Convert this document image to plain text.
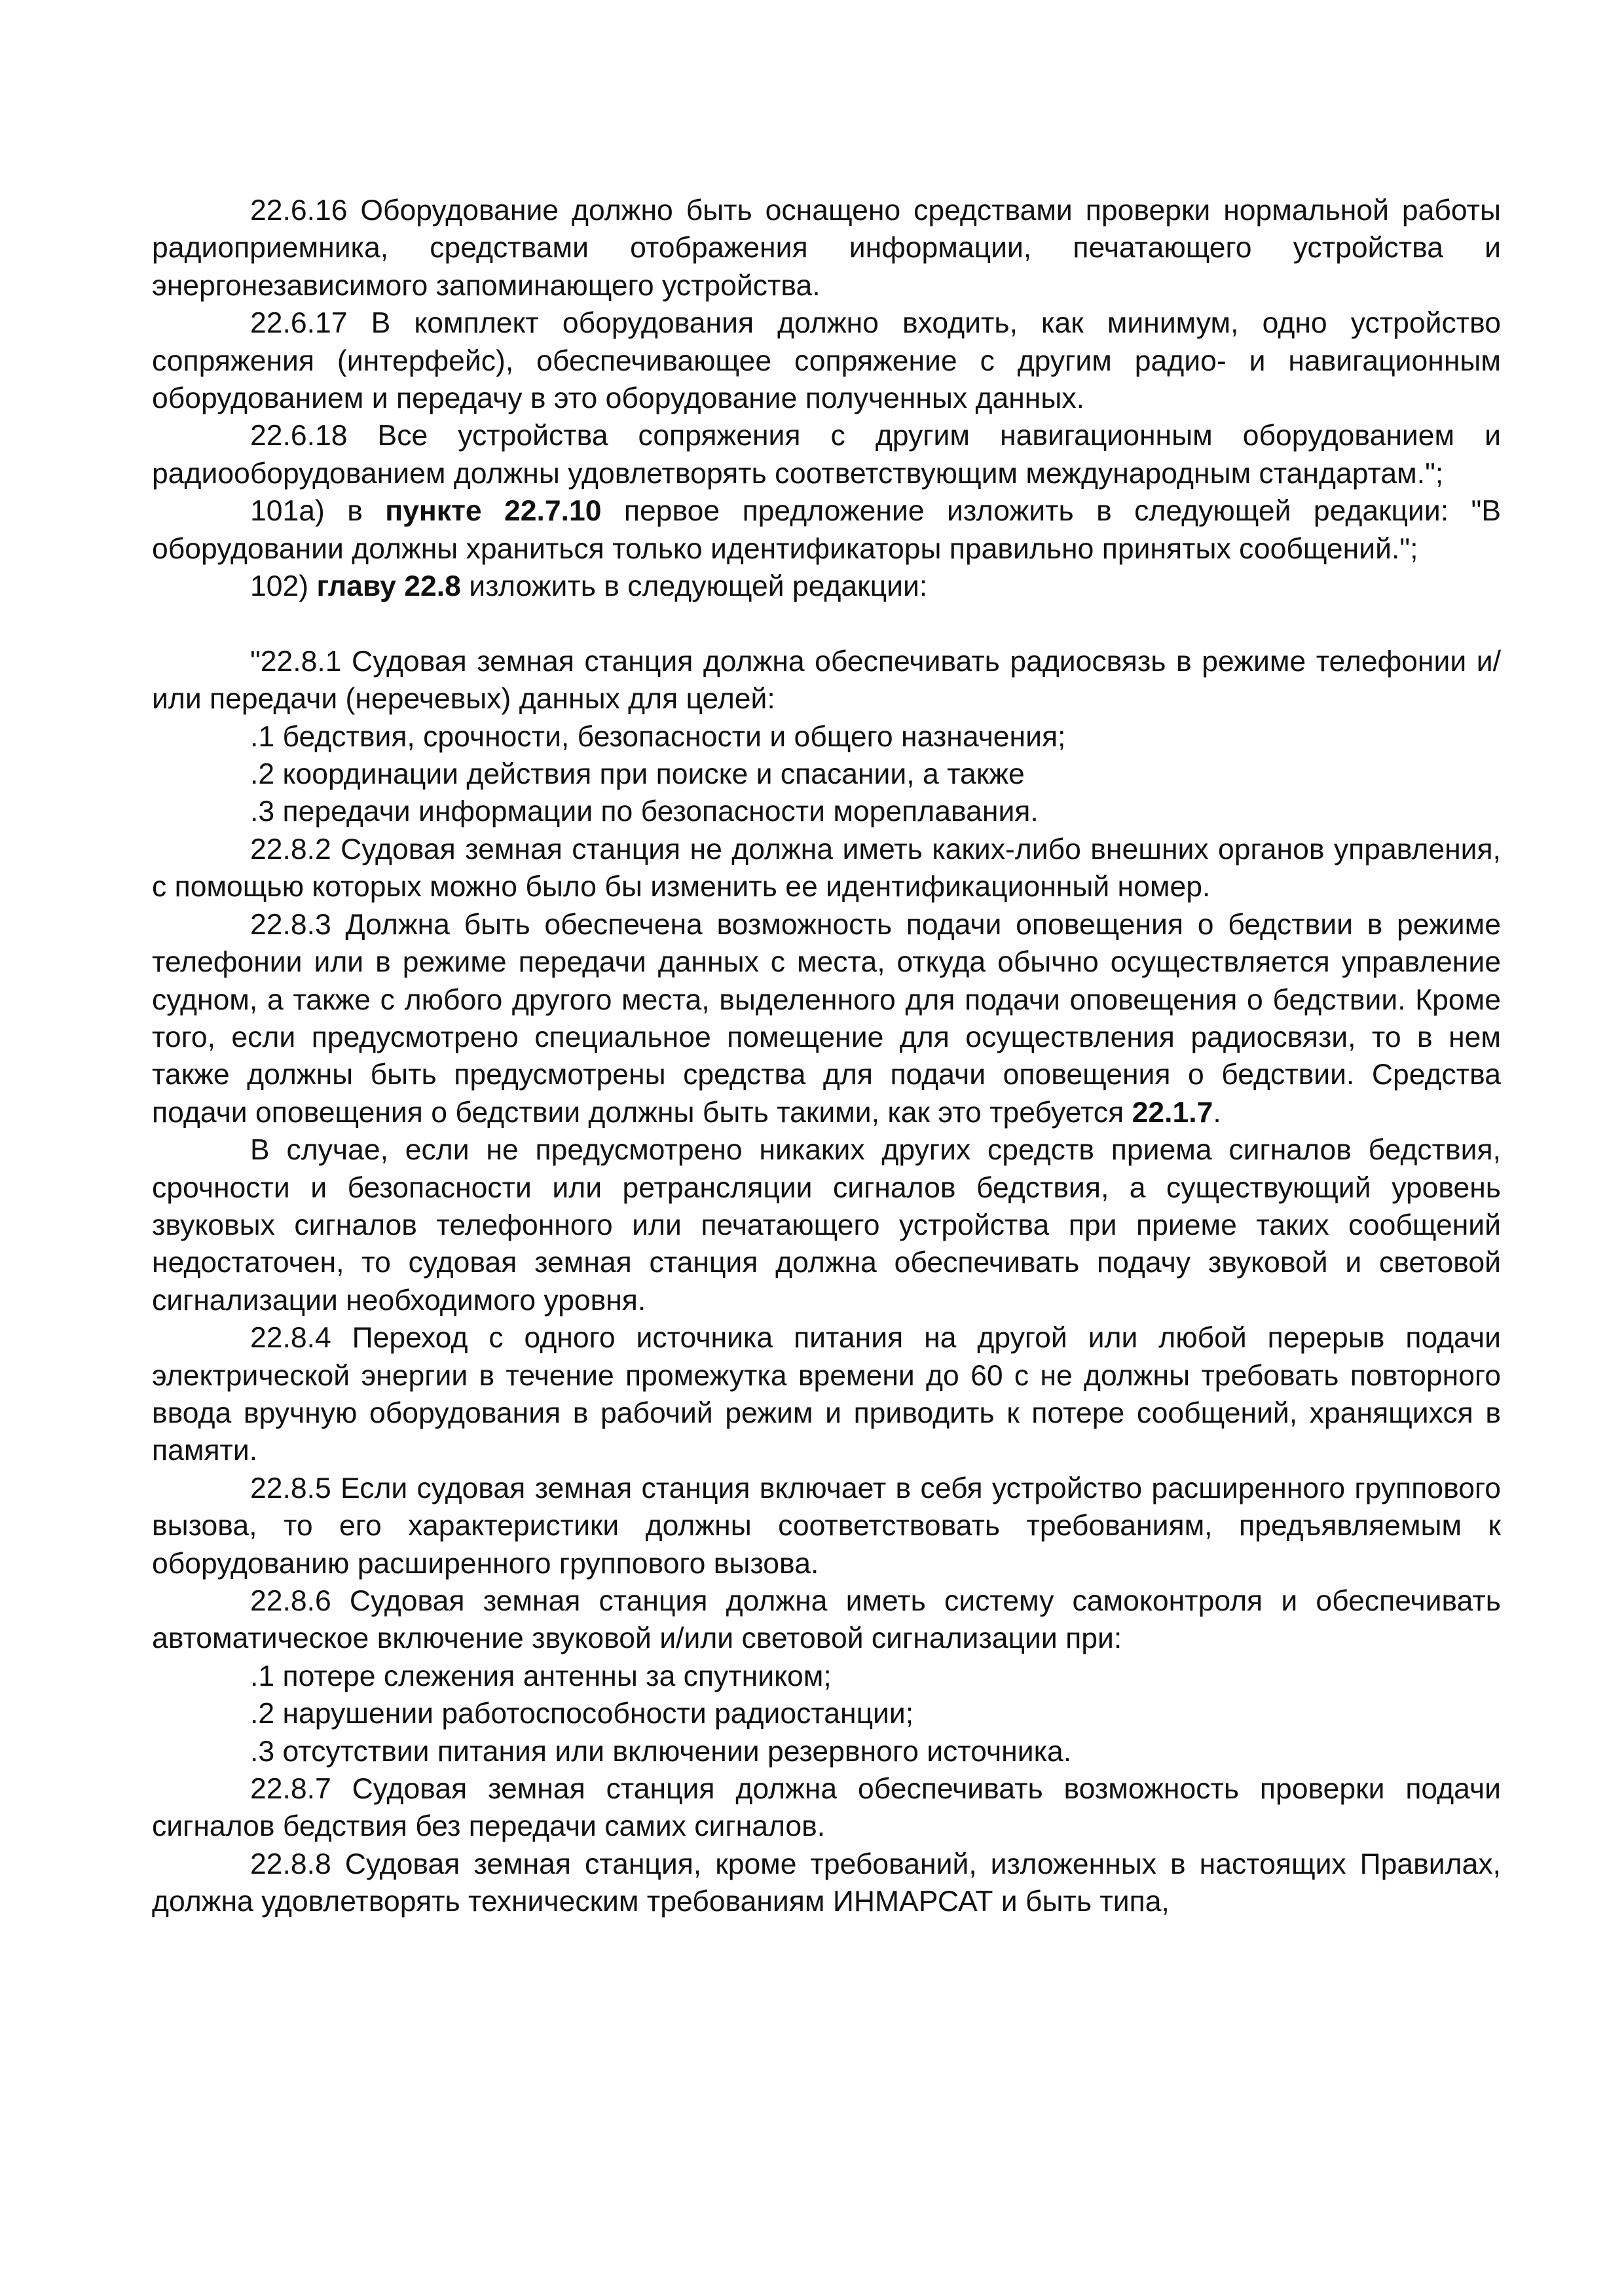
22.6.16 Оборудование должно быть оснащено средствами проверки нормальной работы радиоприемника, средствами отображения информации, печатающего устройства и энергонезависимого запоминающего устройства.

22.6.17 В комплект оборудования должно входить, как минимум, одно устройство сопряжения (интерфейс), обеспечивающее сопряжение с другим радио- и навигационным оборудованием и передачу в это оборудование полученных данных.

22.6.18 Все устройства сопряжения с другим навигационным оборудованием и радиооборудованием должны удовлетворять соответствующим международным стандартам.";

101а) в пункте 22.7.10 первое предложение изложить в следующей редакции: "В оборудовании должны храниться только идентификаторы правильно принятых сообщений.";

102) главу 22.8 изложить в следующей редакции:

"22.8.1 Судовая земная станция должна обеспечивать радиосвязь в режиме телефонии и/или передачи (неречевых) данных для целей:

.1 бедствия, срочности, безопасности и общего назначения;

.2 координации действия при поиске и спасании, а также

.3 передачи информации по безопасности мореплавания.

22.8.2 Судовая земная станция не должна иметь каких-либо внешних органов управления, с помощью которых можно было бы изменить ее идентификационный номер.

22.8.3 Должна быть обеспечена возможность подачи оповещения о бедствии в режиме телефонии или в режиме передачи данных с места, откуда обычно осуществляется управление судном, а также с любого другого места, выделенного для подачи оповещения о бедствии. Кроме того, если предусмотрено специальное помещение для осуществления радиосвязи, то в нем также должны быть предусмотрены средства для подачи оповещения о бедствии. Средства подачи оповещения о бедствии должны быть такими, как это требуется 22.1.7.

В случае, если не предусмотрено никаких других средств приема сигналов бедствия, срочности и безопасности или ретрансляции сигналов бедствия, а существующий уровень звуковых сигналов телефонного или печатающего устройства при приеме таких сообщений недостаточен, то судовая земная станция должна обеспечивать подачу звуковой и световой сигнализации необходимого уровня.

22.8.4 Переход с одного источника питания на другой или любой перерыв подачи электрической энергии в течение промежутка времени до 60 с не должны требовать повторного ввода вручную оборудования в рабочий режим и приводить к потере сообщений, хранящихся в памяти.

22.8.5 Если судовая земная станция включает в себя устройство расширенного группового вызова, то его характеристики должны соответствовать требованиям, предъявляемым к оборудованию расширенного группового вызова.

22.8.6 Судовая земная станция должна иметь систему самоконтроля и обеспечивать автоматическое включение звуковой и/или световой сигнализации при:

.1 потере слежения антенны за спутником;

.2 нарушении работоспособности радиостанции;

.3 отсутствии питания или включении резервного источника.

22.8.7 Судовая земная станция должна обеспечивать возможность проверки подачи сигналов бедствия без передачи самих сигналов.

22.8.8 Судовая земная станция, кроме требований, изложенных в настоящих Правилах, должна удовлетворять техническим требованиям ИНМАРСАТ и быть типа,
